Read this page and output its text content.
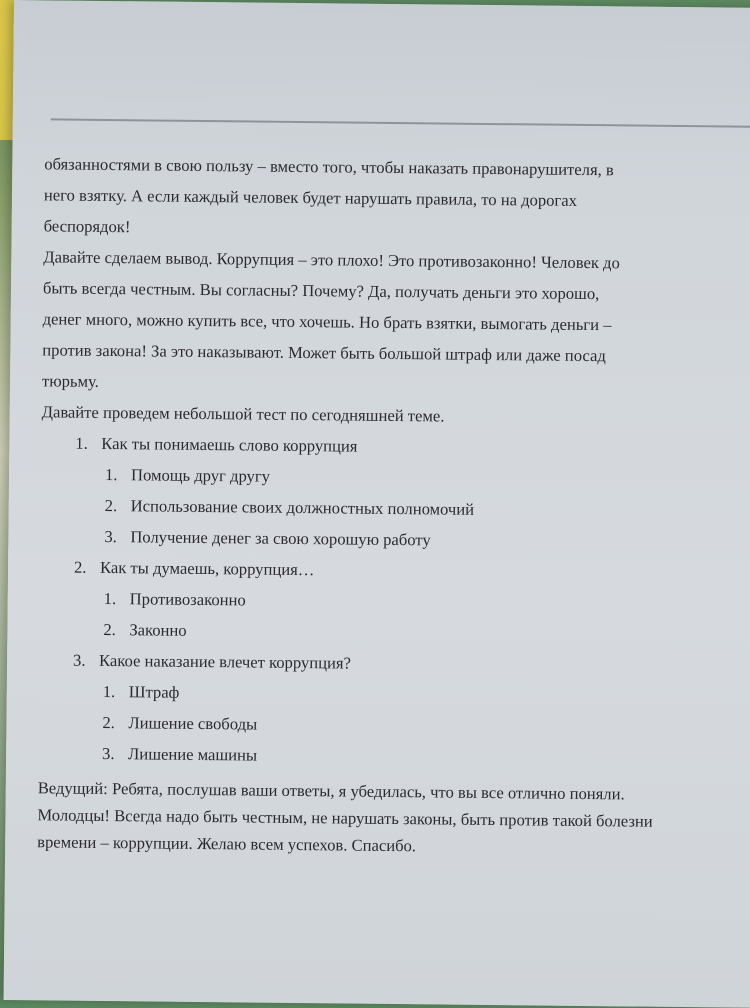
обязанностями в свою пользу – вместо того, чтобы наказать правонарушителя, в
него взятку. А если каждый человек будет нарушать правила, то на дорогах
беспорядок!
Давайте сделаем вывод. Коррупция – это плохо! Это противозаконно! Человек до
быть всегда честным. Вы согласны? Почему? Да, получать деньги это хорошо,
денег много, можно купить все, что хочешь. Но брать взятки, вымогать деньги –
против закона! За это наказывают. Может быть большой штраф или даже посад
тюрьму.
Давайте проведем небольшой тест по сегодняшней теме.
1. Как ты понимаешь слово коррупция
1. Помощь друг другу
2. Использование своих должностных полномочий
3. Получение денег за свою хорошую работу
2. Как ты думаешь, коррупция…
1. Противозаконно
2. Законно
3. Какое наказание влечет коррупция?
1. Штраф
2. Лишение свободы
3. Лишение машины
Ведущий: Ребята, послушав ваши ответы, я убедилась, что вы все отлично поняли.
Молодцы! Всегда надо быть честным, не нарушать законы, быть против такой болезни
времени – коррупции. Желаю всем успехов. Спасибо.
